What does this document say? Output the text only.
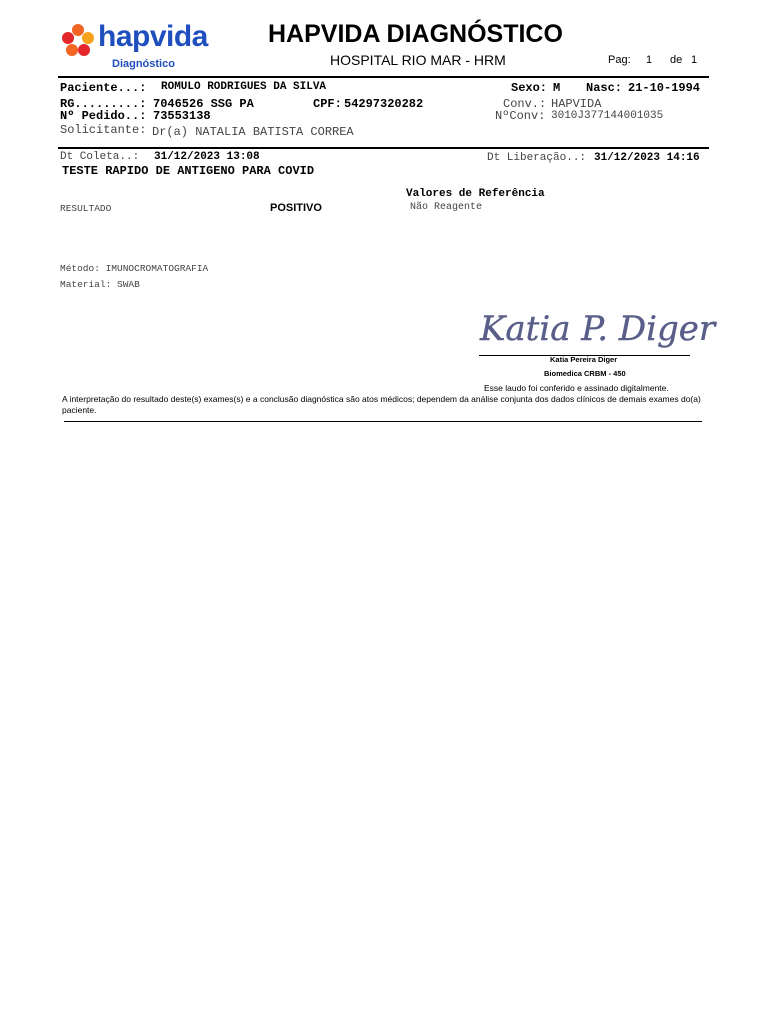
hapvida
Diagnóstico
HAPVIDA DIAGNÓSTICO
HOSPITAL RIO MAR - HRM	Pag: 1 de 1
Paciente...: ROMULO RODRIGUES DA SILVA	Sexo: M Nasc: 21-10-1994
RG.........: 7046526 SSG PA	CPF: 54297320282	Conv.: HAPVIDA
Nº Pedido..: 73553138	NºConv: 3010J377144001035
Solicitante: Dr(a) NATALIA BATISTA CORREA
Dt Coleta..: 31/12/2023 13:08	Dt Liberação..: 31/12/2023 14:16
TESTE RAPIDO DE ANTIGENO PARA COVID
Valores de Referência
RESULTADO	POSITIVO	Não Reagente
Método: IMUNOCROMATOGRAFIA
Material: SWAB
Katia P. Diger
Katia Pereira Diger
Biomedica CRBM - 450
Esse laudo foi conferido e assinado digitalmente.
A interpretação do resultado deste(s) exames(s) e a conclusão diagnóstica são atos médicos; dependem da análise conjunta dos dados clínicos de demais exames do(a) paciente.
